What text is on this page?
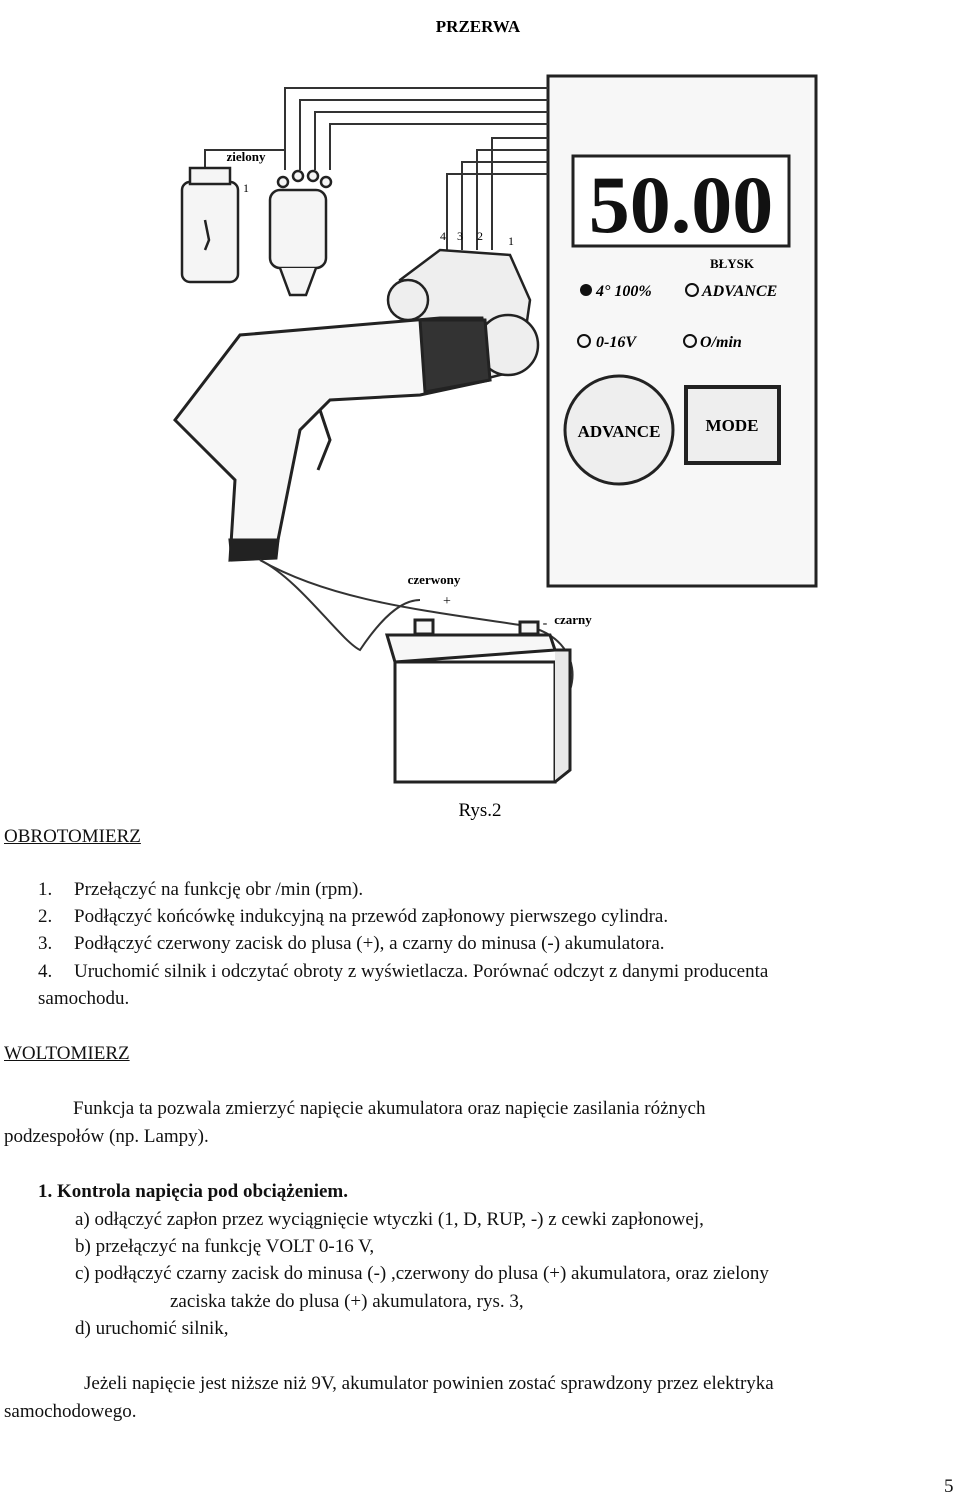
PRZERWA
50.00
BŁYSK
4° 100%	ADVANCE
0-16V	O/min
ADVANCE	MODE
1
zielony
4 3 2 1
czerwony
+
czarny
-
Rys.2
OBROTOMIERZ
1. Przełączyć na funkcję obr /min (rpm).
2. Podłączyć końcówkę indukcyjną na przewód zapłonowy pierwszego cylindra.
3. Podłączyć czerwony zacisk do plusa (+), a czarny do minusa (-) akumulatora.
4. Uruchomić silnik i odczytać obroty z wyświetlacza. Porównać odczyt z danymi producenta
samochodu.
WOLTOMIERZ
Funkcja ta pozwala zmierzyć napięcie akumulatora oraz napięcie zasilania różnych
podzespołów (np. Lampy).
1. Kontrola napięcia pod obciążeniem.
a) odłączyć zapłon przez wyciągnięcie wtyczki (1, D, RUP, -) z cewki zapłonowej,
b) przełączyć na funkcję VOLT 0-16 V,
c) podłączyć czarny zacisk do minusa (-) ,czerwony do plusa (+) akumulatora, oraz zielony
zaciska także do plusa (+) akumulatora, rys. 3,
d) uruchomić silnik,
Jeżeli napięcie jest niższe niż 9V, akumulator powinien zostać sprawdzony przez elektryka
samochodowego.
5
